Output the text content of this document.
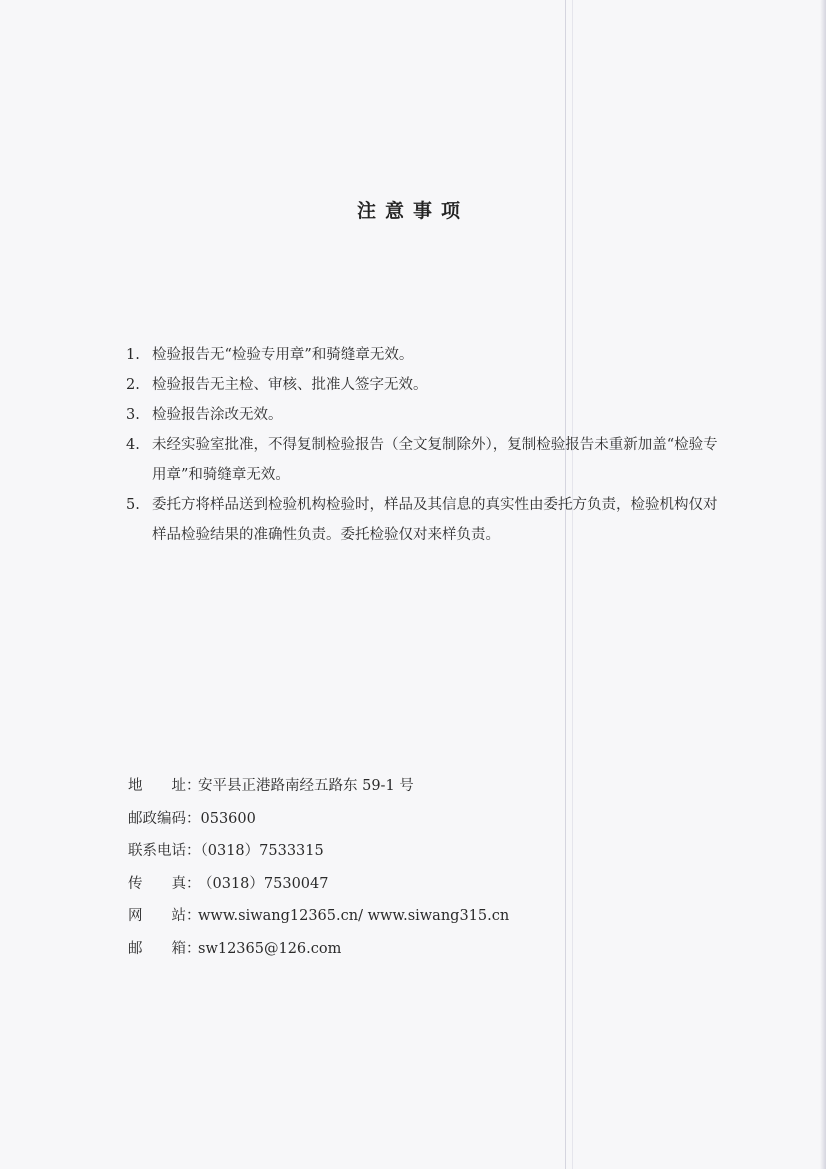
注意事项
1. 检验报告无“检验专用章”和骑缝章无效。
2. 检验报告无主检、审核、批准人签字无效。
3. 检验报告涂改无效。
4. 未经实验室批准，不得复制检验报告（全文复制除外），复制检验报告未重新加盖“检验专用章”和骑缝章无效。
5. 委托方将样品送到检验机构检验时，样品及其信息的真实性由委托方负责，检验机构仅对样品检验结果的准确性负责。委托检验仅对来样负责。
地 址：安平县正港路南经五路东 59-1 号
邮政编码：053600
联系电话：（0318）7533315
传 真：（0318）7530047
网 站：www.siwang12365.cn/ www.siwang315.cn
邮 箱：sw12365@126.com
